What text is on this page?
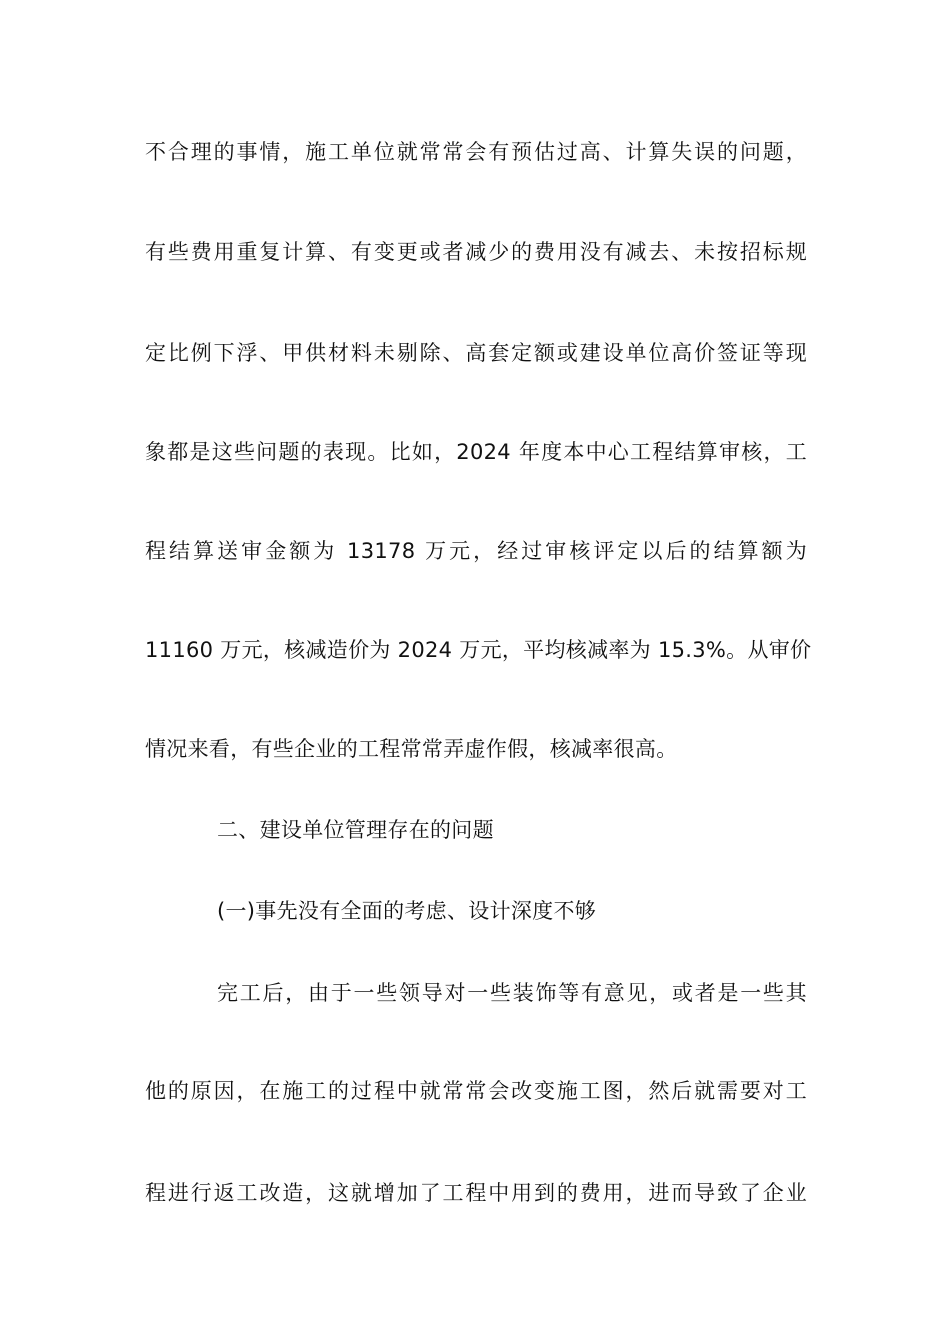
不合理的事情，施工单位就常常会有预估过高、计算失误的问题，
有些费用重复计算、有变更或者减少的费用没有减去、未按招标规
定比例下浮、甲供材料未剔除、高套定额或建设单位高价签证等现
象都是这些问题的表现。比如，2024 年度本中心工程结算审核，工
程结算送审金额为 13178 万元，经过审核评定以后的结算额为
11160 万元，核减造价为 2024 万元，平均核减率为 15.3%。从审价
情况来看，有些企业的工程常常弄虚作假，核减率很高。
二、建设单位管理存在的问题
(一)事先没有全面的考虑、设计深度不够
完工后，由于一些领导对一些装饰等有意见，或者是一些其
他的原因，在施工的过程中就常常会改变施工图，然后就需要对工
程进行返工改造，这就增加了工程中用到的费用，进而导致了企业
